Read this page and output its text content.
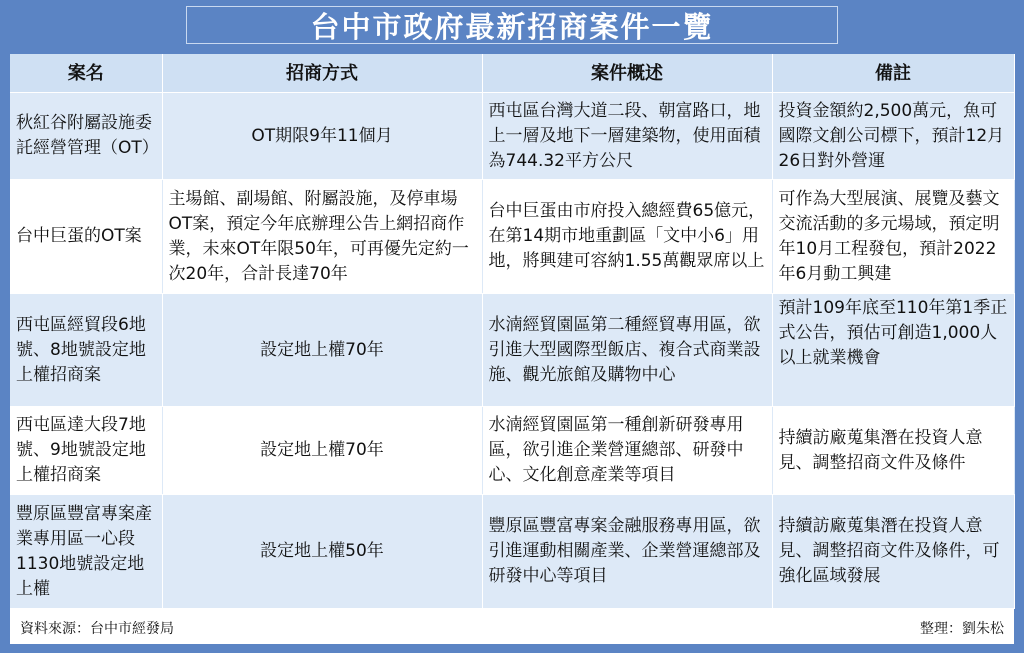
台中市政府最新招商案件一覽
案名	招商方式	案件概述	備註
秋紅谷附屬設施委託經營管理（OT）	OT期限9年11個月	西屯區台灣大道二段、朝富路口，地上一層及地下一層建築物，使用面積為744.32平方公尺	投資金額約2,500萬元，魚可國際文創公司標下，預計12月26日對外營運
台中巨蛋的OT案	主場館、副場館、附屬設施，及停車場OT案，預定今年底辦理公告上網招商作業，未來OT年限50年，可再優先定約一次20年，合計長達70年	台中巨蛋由市府投入總經費65億元，在第14期市地重劃區「文中小6」用地，將興建可容納1.55萬觀眾席以上	可作為大型展演、展覽及藝文交流活動的多元場域，預定明年10月工程發包，預計2022年6月動工興建
西屯區經貿段6地號、8地號設定地上權招商案	設定地上權70年	水湳經貿園區第二種經貿專用區，欲引進大型國際型飯店、複合式商業設施、觀光旅館及購物中心	預計109年底至110年第1季正式公告，預估可創造1,000人以上就業機會
西屯區達大段7地號、9地號設定地上權招商案	設定地上權70年	水湳經貿園區第一種創新研發專用區，欲引進企業營運總部、研發中心、文化創意產業等項目	持續訪廠蒐集潛在投資人意見、調整招商文件及條件
豐原區豐富專案產業專用區一心段1130地號設定地上權	設定地上權50年	豐原區豐富專案金融服務專用區，欲引進運動相關產業、企業營運總部及研發中心等項目	持續訪廠蒐集潛在投資人意見、調整招商文件及條件，可強化區域發展
資料來源：台中市經發局	整理：劉朱松
